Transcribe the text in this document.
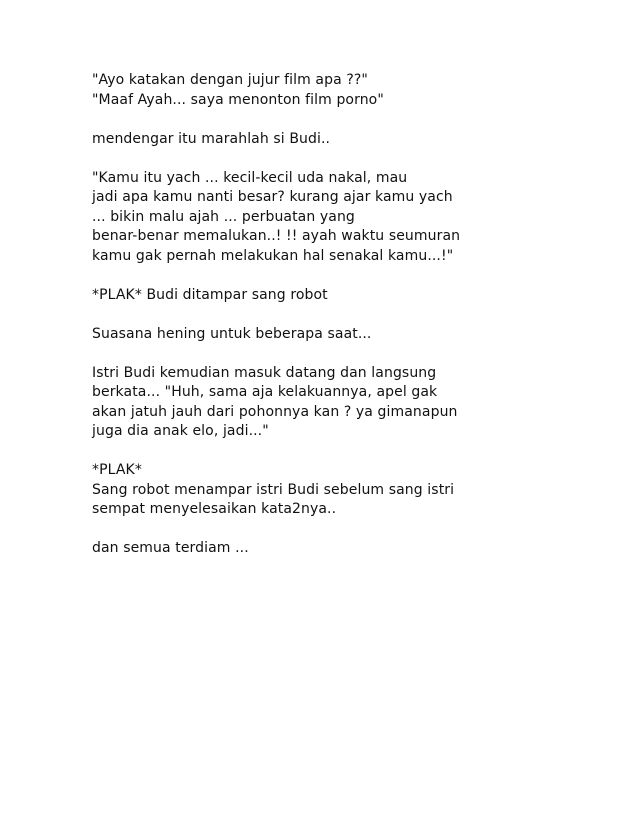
"Ayo katakan dengan jujur film apa ??"
"Maaf Ayah... saya menonton film porno"

mendengar itu marahlah si Budi..

"Kamu itu yach ... kecil-kecil uda nakal, mau
jadi apa kamu nanti besar? kurang ajar kamu yach
... bikin malu ajah ... perbuatan yang
benar-benar memalukan..! !! ayah waktu seumuran
kamu gak pernah melakukan hal senakal kamu...!"

*PLAK* Budi ditampar sang robot

Suasana hening untuk beberapa saat...

Istri Budi kemudian masuk datang dan langsung
berkata... "Huh, sama aja kelakuannya, apel gak
akan jatuh jauh dari pohonnya kan ? ya gimanapun
juga dia anak elo, jadi..."

*PLAK*
Sang robot menampar istri Budi sebelum sang istri
sempat menyelesaikan kata2nya..

dan semua terdiam ...
